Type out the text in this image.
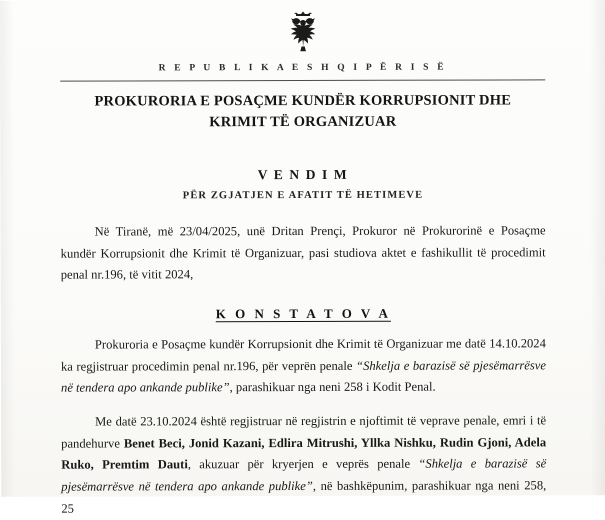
R E P U B L I K A E S H Q I P Ë R I S Ë
PROKURORIA E POSAÇME KUNDËR KORRUPSIONIT DHE KRIMIT TË ORGANIZUAR
V E N D I M
PËR ZGJATJEN E AFATIT TË HETIMEVE

Në Tiranë, më 23/04/2025, unë Dritan Prençi, Prokuror në Prokurorinë e Posaçme kundër Korrupsionit dhe Krimit të Organizuar, pasi studiova aktet e fashikullit të procedimit penal nr.196, të vitit 2024,

K O N S T A T O V A

Prokuroria e Posaçme kundër Korrupsionit dhe Krimit të Organizuar me datë 14.10.2024 ka regjistruar procedimin penal nr.196, për veprën penale “Shkelja e barazisë së pjesëmarrësve në tendera apo ankande publike”, parashikuar nga neni 258 i Kodit Penal.

Me datë 23.10.2024 është regjistruar në regjistrin e njoftimit të veprave penale, emri i të pandehurve Benet Beci, Jonid Kazani, Edlira Mitrushi, Yllka Nishku, Rudin Gjoni, Adela Ruko, Premtim Dauti, akuzuar për kryerjen e veprës penale “Shkelja e barazisë së pjesëmarrësve në tendera apo ankande publike”, në bashkëpunim, parashikuar nga neni 258, 25
